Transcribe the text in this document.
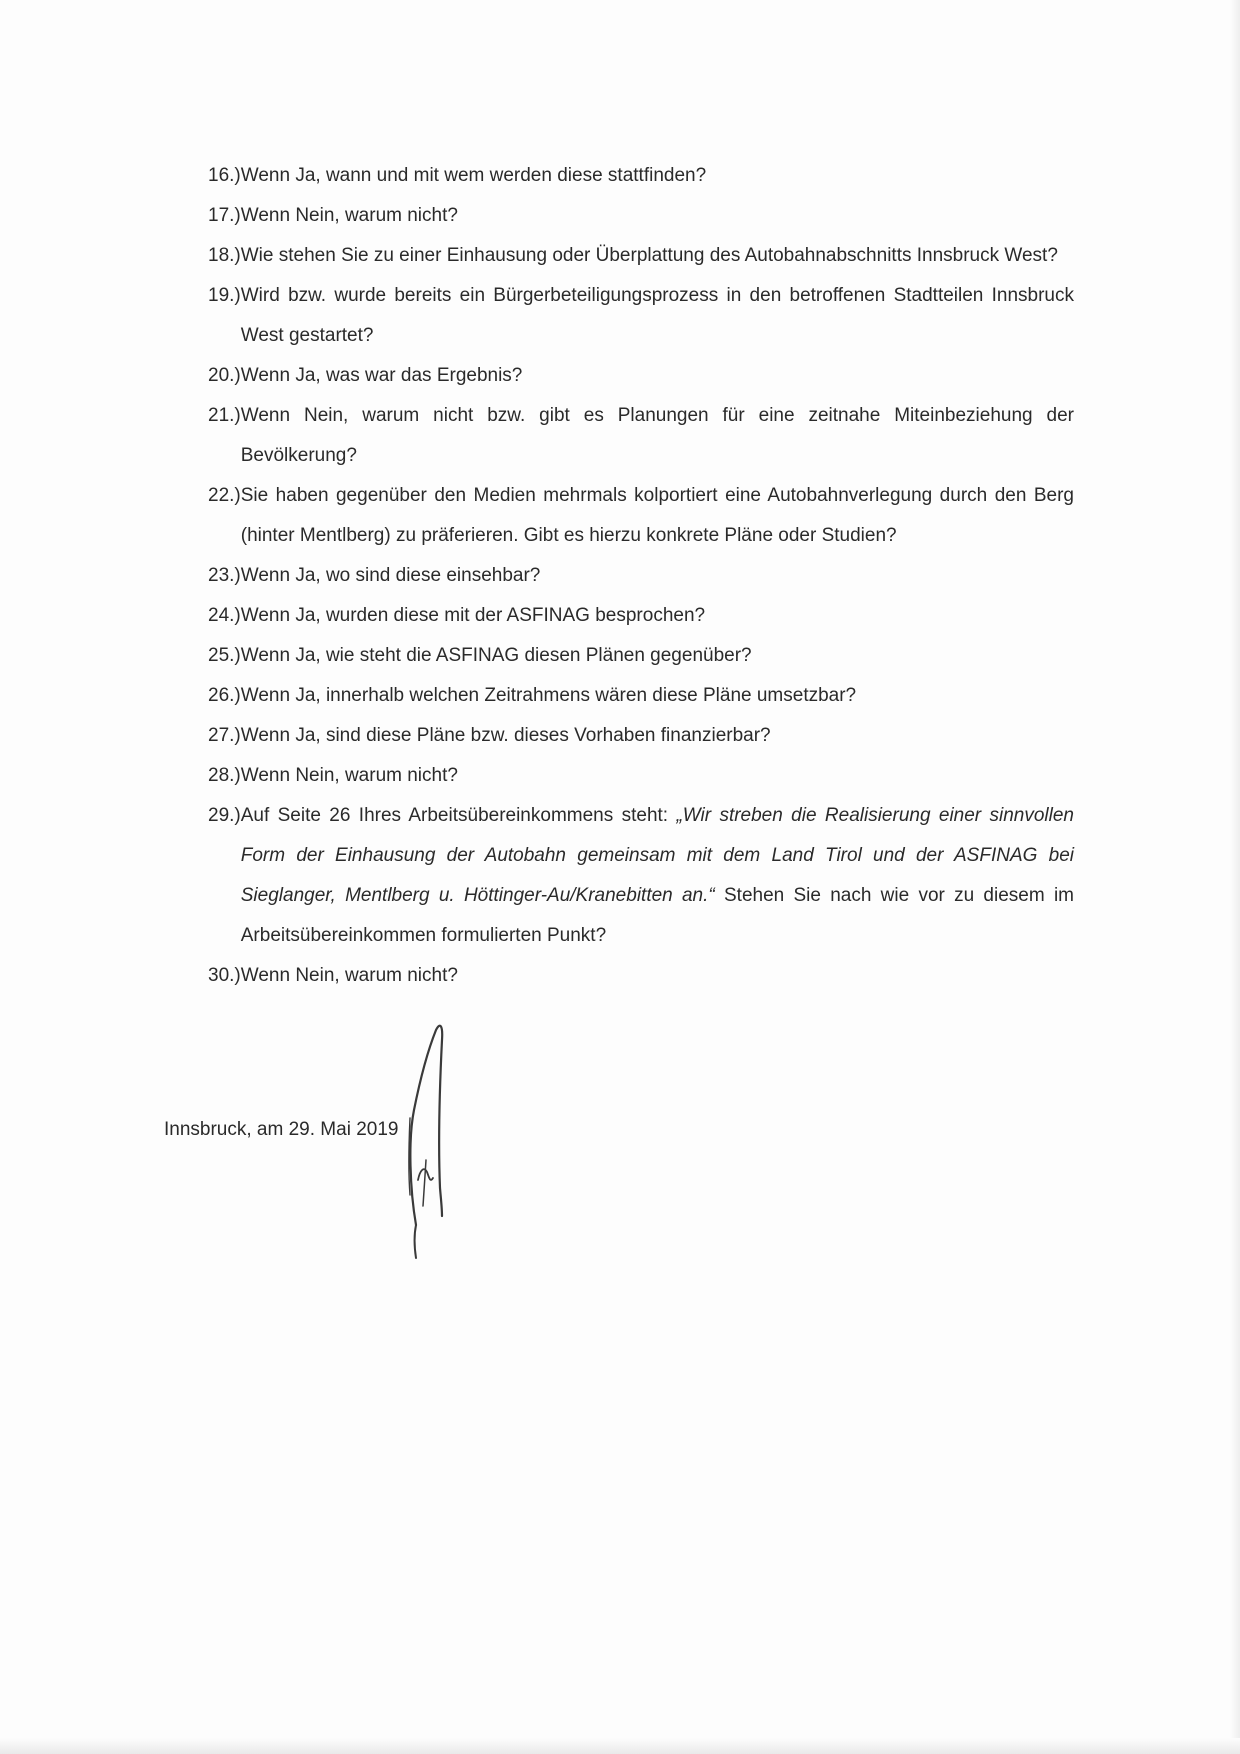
16.) Wenn Ja, wann und mit wem werden diese stattfinden?
17.) Wenn Nein, warum nicht?
18.) Wie stehen Sie zu einer Einhausung oder Überplattung des Autobahnabschnitts Innsbruck West?
19.) Wird bzw. wurde bereits ein Bürgerbeteiligungsprozess in den betroffenen Stadtteilen Innsbruck West gestartet?
20.) Wenn Ja, was war das Ergebnis?
21.) Wenn Nein, warum nicht bzw. gibt es Planungen für eine zeitnahe Miteinbeziehung der Bevölkerung?
22.) Sie haben gegenüber den Medien mehrmals kolportiert eine Autobahnverlegung durch den Berg (hinter Mentlberg) zu präferieren. Gibt es hierzu konkrete Pläne oder Studien?
23.) Wenn Ja, wo sind diese einsehbar?
24.) Wenn Ja, wurden diese mit der ASFINAG besprochen?
25.) Wenn Ja, wie steht die ASFINAG diesen Plänen gegenüber?
26.) Wenn Ja, innerhalb welchen Zeitrahmens wären diese Pläne umsetzbar?
27.) Wenn Ja, sind diese Pläne bzw. dieses Vorhaben finanzierbar?
28.) Wenn Nein, warum nicht?
29.) Auf Seite 26 Ihres Arbeitsübereinkommens steht: „Wir streben die Realisierung einer sinnvollen Form der Einhausung der Autobahn gemeinsam mit dem Land Tirol und der ASFINAG bei Sieglanger, Mentlberg u. Höttinger-Au/Kranebitten an.“ Stehen Sie nach wie vor zu diesem im Arbeitsübereinkommen formulierten Punkt?
30.) Wenn Nein, warum nicht?
Innsbruck, am 29. Mai 2019
